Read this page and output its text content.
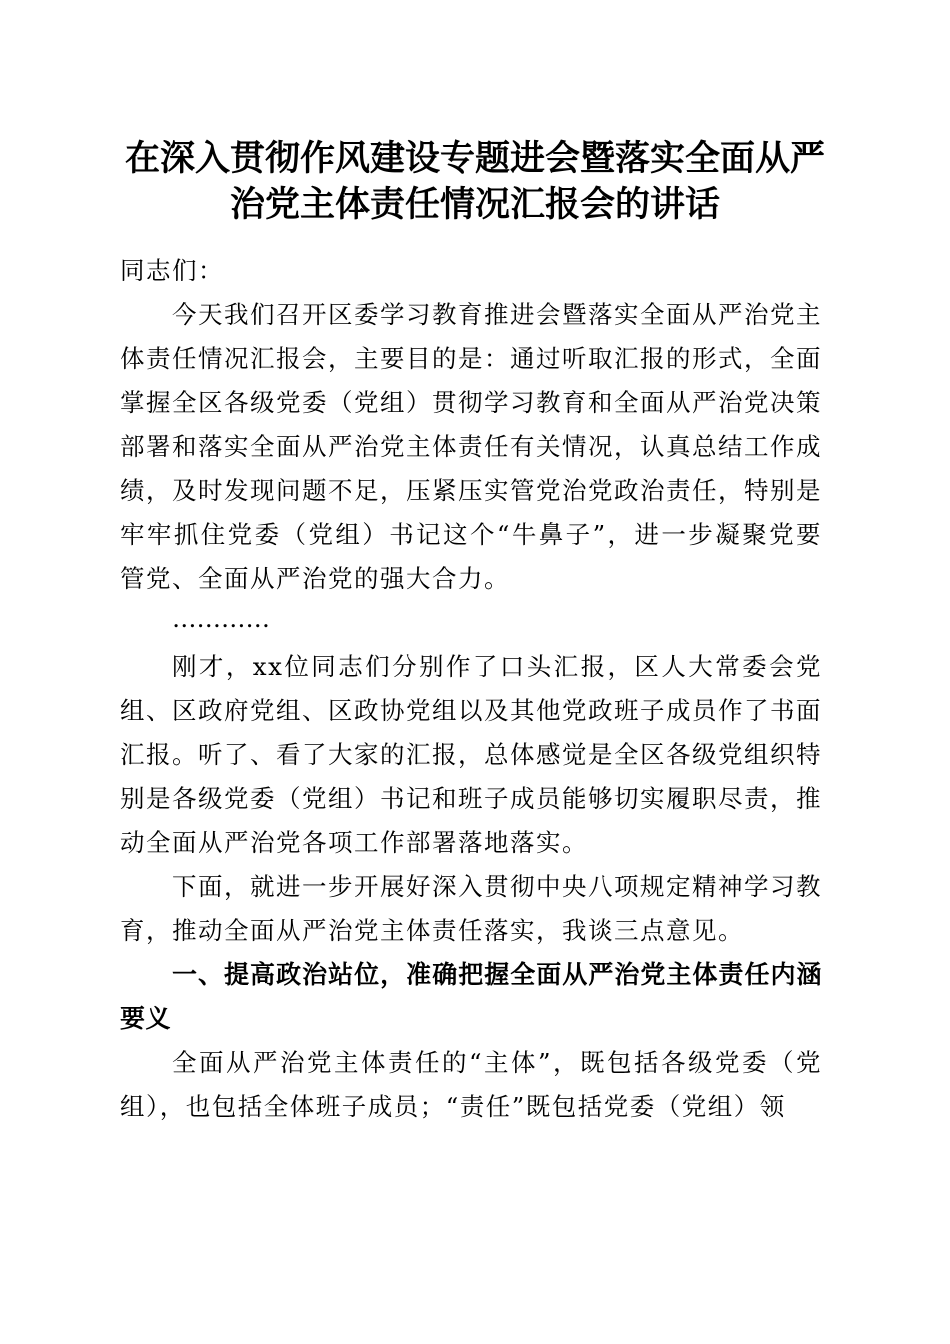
在深入贯彻作风建设专题进会暨落实全面从严
治党主体责任情况汇报会的讲话

同志们：

今天我们召开区委学习教育推进会暨落实全面从严治党主体责任情况汇报会，主要目的是：通过听取汇报的形式，全面掌握全区各级党委（党组）贯彻学习教育和全面从严治党决策部署和落实全面从严治党主体责任有关情况，认真总结工作成绩，及时发现问题不足，压紧压实管党治党政治责任，特别是牢牢抓住党委（党组）书记这个“牛鼻子”，进一步凝聚党要管党、全面从严治党的强大合力。

…………

刚才，xx位同志们分别作了口头汇报，区人大常委会党组、区政府党组、区政协党组以及其他党政班子成员作了书面汇报。听了、看了大家的汇报，总体感觉是全区各级党组织特别是各级党委（党组）书记和班子成员能够切实履职尽责，推动全面从严治党各项工作部署落地落实。

下面，就进一步开展好深入贯彻中央八项规定精神学习教育，推动全面从严治党主体责任落实，我谈三点意见。

一、提高政治站位，准确把握全面从严治党主体责任内涵要义

全面从严治党主体责任的“主体”，既包括各级党委（党组），也包括全体班子成员；“责任”既包括党委（党组）领
